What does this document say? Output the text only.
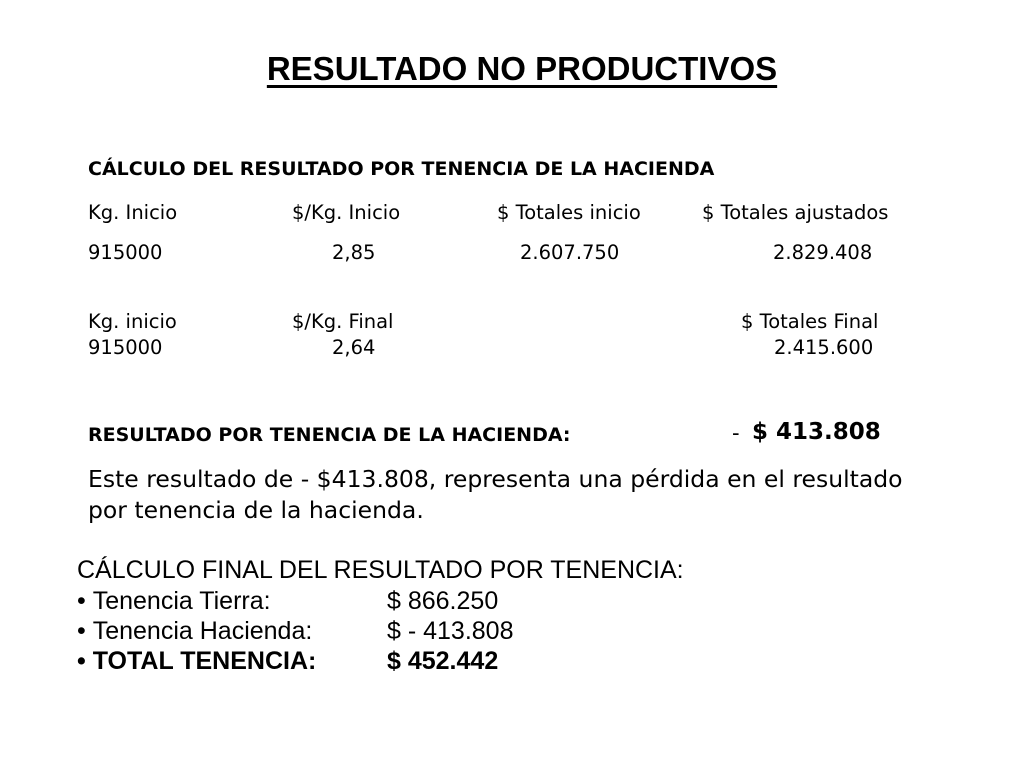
RESULTADO NO PRODUCTIVOS
CÁLCULO DEL RESULTADO POR TENENCIA DE LA HACIENDA
Kg. Inicio	$/Kg. Inicio	$ Totales inicio	$ Totales ajustados
915000	2,85	2.607.750	2.829.408
Kg. inicio	$/Kg. Final	$ Totales Final
915000	2,64	2.415.600
RESULTADO POR TENENCIA DE LA HACIENDA:	- $ 413.808
Este resultado de - $413.808, representa una pérdida en el resultado por tenencia de la hacienda.
CÁLCULO FINAL DEL RESULTADO POR TENENCIA:
• Tenencia Tierra:	$ 866.250
• Tenencia Hacienda:	$ - 413.808
• TOTAL TENENCIA:	$ 452.442
